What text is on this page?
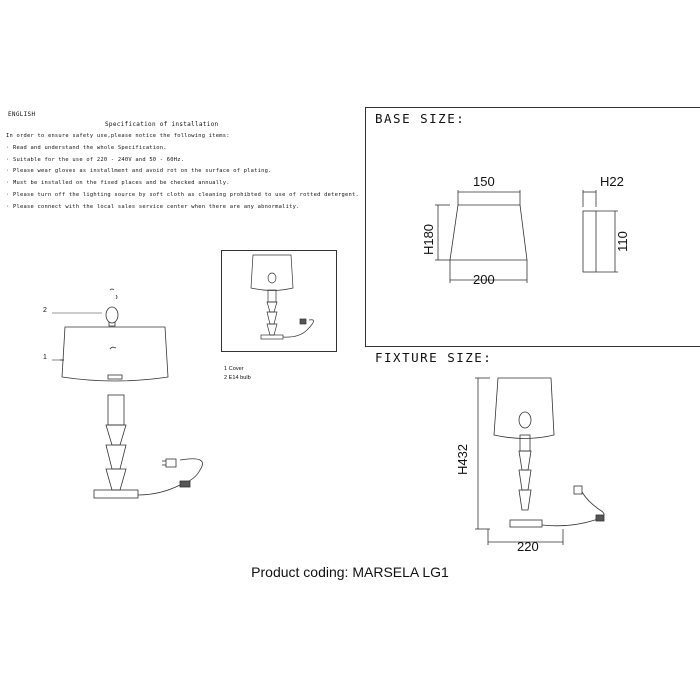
ENGLISH
Specification of installation
In order to ensure safety use,please notice the following items:
· Read and understand the whole Specification.
· Suitable for the use of 220 - 240V and 50 - 60Hz.
· Please wear gloves as installment and avoid rot on the surface of plating.
· Must be installed on the fixed places and be checked annually.
· Please turn off the lighting source by soft cloth as cleaning prohibted to use of rotted detergent.
· Please connect with the local sales service center when there are any abnormality.
2
1
1 Cover
2 E14 bulb
BASE SIZE:
150
200
H180
H22
110
FIXTURE SIZE:
H432
220
Product coding: MARSELA LG1
